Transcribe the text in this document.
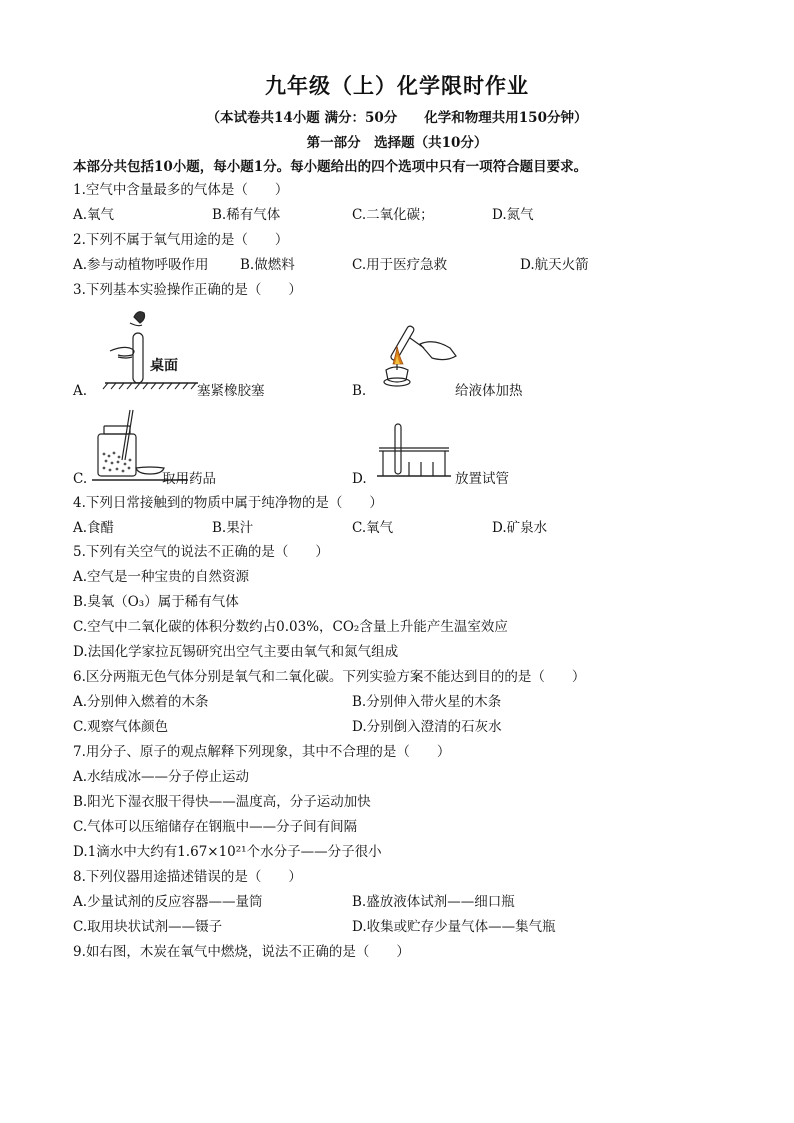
九年级（上）化学限时作业
（本试卷共14小题 满分：50分　　化学和物理共用150分钟）
第一部分　选择题（共10分）
本部分共包括10小题，每小题1分。每小题给出的四个选项中只有一项符合题目要求。
1.空气中含量最多的气体是（　　）
A.氧气	B.稀有气体	C.二氧化碳；	D.氮气
2.下列不属于氧气用途的是（　　）
A.参与动植物呼吸作用 B.做燃料	C.用于医疗急救	D.航天火箭
3.下列基本实验操作正确的是（　　）
桌面
A.	塞紧橡胶塞	B.	给液体加热
C.	取用药品	D.	放置试管
4.下列日常接触到的物质中属于纯净物的是（　　）
A.食醋	B.果汁	C.氧气	D.矿泉水
5.下列有关空气的说法不正确的是（　　）
A.空气是一种宝贵的自然资源
B.臭氧（O₃）属于稀有气体
C.空气中二氧化碳的体积分数约占0.03%，CO₂含量上升能产生温室效应
D.法国化学家拉瓦锡研究出空气主要由氧气和氮气组成
6.区分两瓶无色气体分别是氧气和二氧化碳。下列实验方案不能达到目的的是（　　）
A.分别伸入燃着的木条	B.分别伸入带火星的木条
C.观察气体颜色	D.分别倒入澄清的石灰水
7.用分子、原子的观点解释下列现象，其中不合理的是（　　）
A.水结成冰——分子停止运动
B.阳光下湿衣服干得快——温度高，分子运动加快
C.气体可以压缩储存在钢瓶中——分子间有间隔
D.1滴水中大约有1.67×10²¹个水分子——分子很小
8.下列仪器用途描述错误的是（　　）
A.少量试剂的反应容器——量筒	B.盛放液体试剂——细口瓶
C.取用块状试剂——镊子	D.收集或贮存少量气体——集气瓶
9.如右图，木炭在氧气中燃烧，说法不正确的是（　　）
